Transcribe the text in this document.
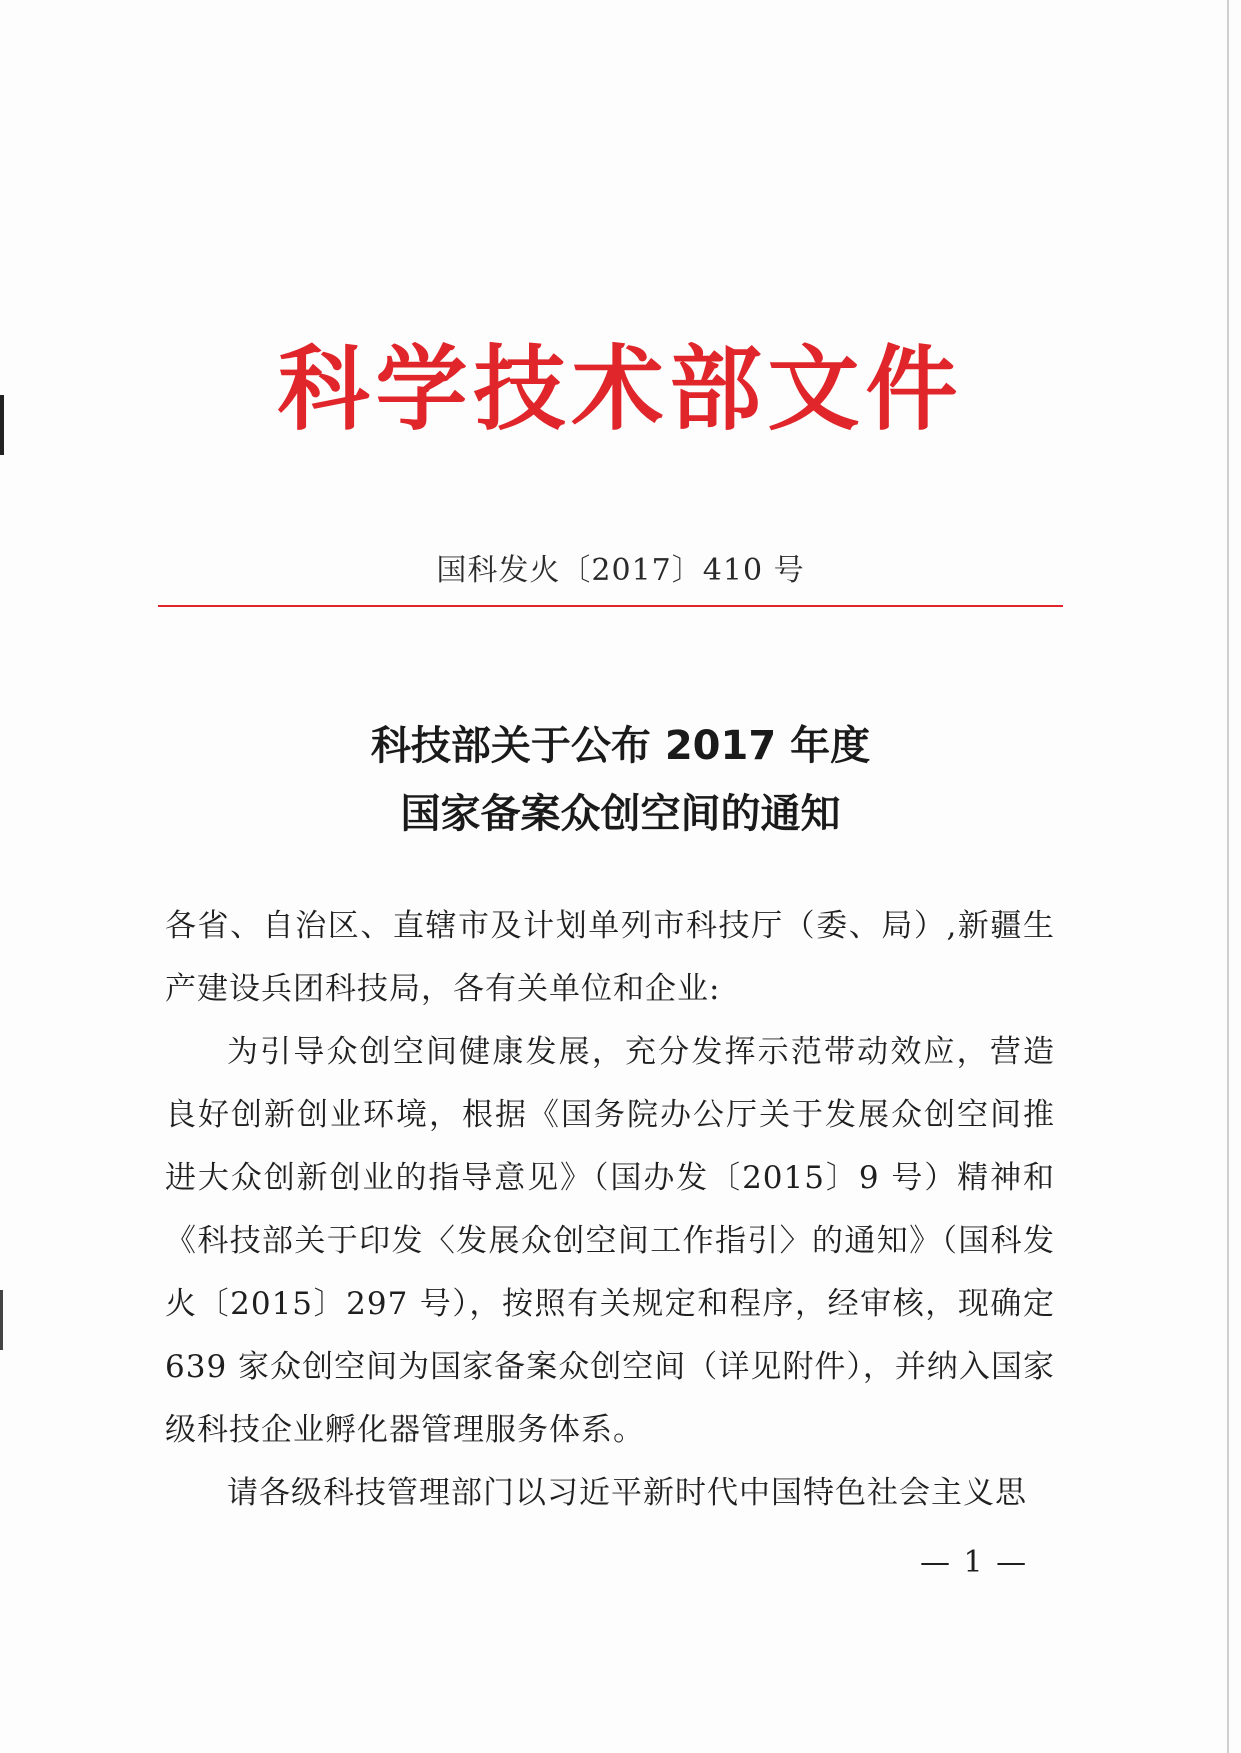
科学技术部文件
国科发火〔2017〕410 号
科技部关于公布 2017 年度
国家备案众创空间的通知

各省、自治区、直辖市及计划单列市科技厅（委、局）,新疆生产建设兵团科技局，各有关单位和企业:

为引导众创空间健康发展，充分发挥示范带动效应，营造良好创新创业环境，根据《国务院办公厅关于发展众创空间推进大众创新创业的指导意见》（国办发〔2015〕9 号）精神和《科技部关于印发〈发展众创空间工作指引〉的通知》（国科发火〔2015〕297 号），按照有关规定和程序，经审核，现确定 639 家众创空间为国家备案众创空间（详见附件），并纳入国家级科技企业孵化器管理服务体系。

请各级科技管理部门以习近平新时代中国特色社会主义思

— 1 —
